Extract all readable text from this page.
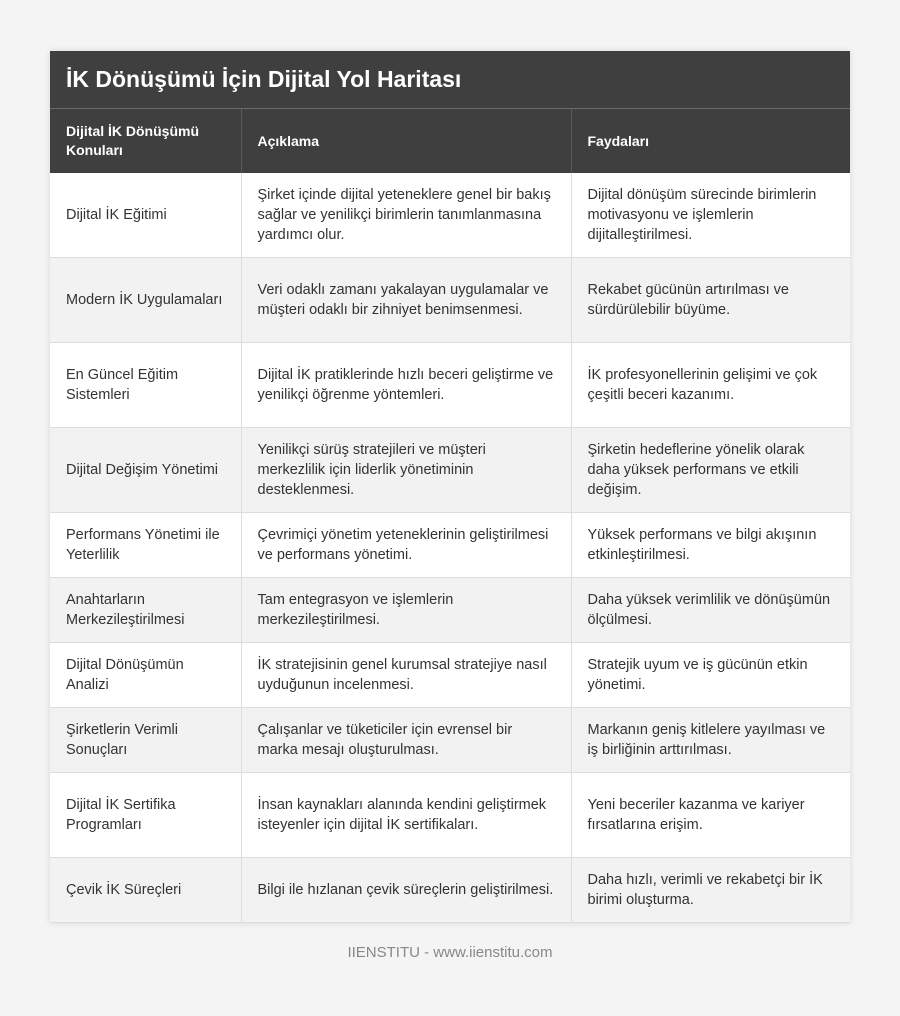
İK Dönüşümü İçin Dijital Yol Haritası
Dijital İK Dönüşümü Konuları	Açıklama	Faydaları
Dijital İK Eğitimi	Şirket içinde dijital yeteneklere genel bir bakış sağlar ve yenilikçi birimlerin tanımlanmasına yardımcı olur.	Dijital dönüşüm sürecinde birimlerin motivasyonu ve işlemlerin dijitalleştirilmesi.
Modern İK Uygulamaları	Veri odaklı zamanı yakalayan uygulamalar ve müşteri odaklı bir zihniyet benimsenmesi.	Rekabet gücünün artırılması ve sürdürülebilir büyüme.
En Güncel Eğitim Sistemleri	Dijital İK pratiklerinde hızlı beceri geliştirme ve yenilikçi öğrenme yöntemleri.	İK profesyonellerinin gelişimi ve çok çeşitli beceri kazanımı.
Dijital Değişim Yönetimi	Yenilikçi sürüş stratejileri ve müşteri merkezlilik için liderlik yönetiminin desteklenmesi.	Şirketin hedeflerine yönelik olarak daha yüksek performans ve etkili değişim.
Performans Yönetimi ile Yeterlilik	Çevrimiçi yönetim yeteneklerinin geliştirilmesi ve performans yönetimi.	Yüksek performans ve bilgi akışının etkinleştirilmesi.
Anahtarların Merkezileştirilmesi	Tam entegrasyon ve işlemlerin merkezileştirilmesi.	Daha yüksek verimlilik ve dönüşümün ölçülmesi.
Dijital Dönüşümün Analizi	İK stratejisinin genel kurumsal stratejiye nasıl uyduğunun incelenmesi.	Stratejik uyum ve iş gücünün etkin yönetimi.
Şirketlerin Verimli Sonuçları	Çalışanlar ve tüketiciler için evrensel bir marka mesajı oluşturulması.	Markanın geniş kitlelere yayılması ve iş birliğinin arttırılması.
Dijital İK Sertifika Programları	İnsan kaynakları alanında kendini geliştirmek isteyenler için dijital İK sertifikaları.	Yeni beceriler kazanma ve kariyer fırsatlarına erişim.
Çevik İK Süreçleri	Bilgi ile hızlanan çevik süreçlerin geliştirilmesi.	Daha hızlı, verimli ve rekabetçi bir İK birimi oluşturma.
IIENSTITU - www.iienstitu.com
